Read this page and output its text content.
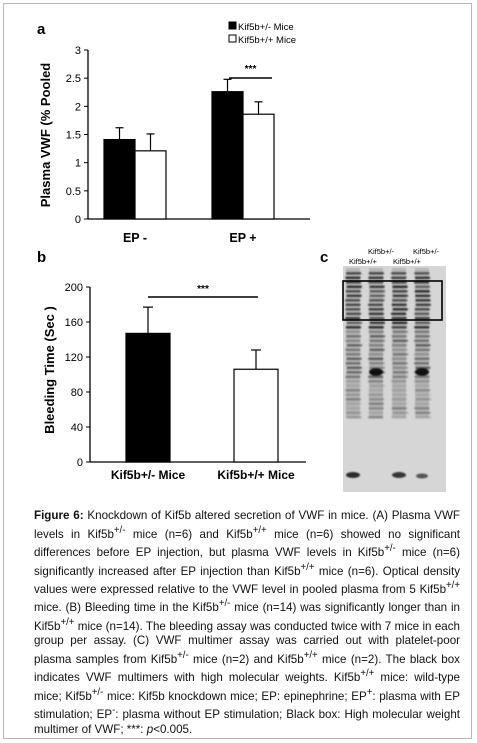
a
b	c
0
0.5
1
1.5
2
2.5
3
Plasma VWF (% Pooled
EP -	EP +
***
Kif5b+/- Mice
Kif5b+/+ Mice
0
40
80
120
160
200
Bleeding Time (Sec )
Kif5b+/- Mice	Kif5b+/+ Mice
***
Kif5b+/-	Kif5b+/-
Kif5b+/+ Kif5b+/+
Figure 6: Knockdown of Kif5b altered secretion of VWF in mice. (A) Plasma VWF levels in Kif5b+/- mice (n=6) and Kif5b+/+ mice (n=6) showed no significant differences before EP injection, but plasma VWF levels in Kif5b+/- mice (n=6) significantly increased after EP injection than Kif5b+/+ mice (n=6). Optical density values were expressed relative to the VWF level in pooled plasma from 5 Kif5b+/+ mice. (B) Bleeding time in the Kif5b+/- mice (n=14) was significantly longer than in Kif5b+/+ mice (n=14). The bleeding assay was conducted twice with 7 mice in each group per assay. (C) VWF multimer assay was carried out with platelet-poor plasma samples from Kif5b+/- mice (n=2) and Kif5b+/+ mice (n=2). The black box indicates VWF multimers with high molecular weights. Kif5b+/+ mice: wild-type mice; Kif5b+/- mice: Kif5b knockdown mice; EP: epinephrine; EP+: plasma with EP stimulation; EP-: plasma without EP stimulation; Black box: High molecular weight multimer of VWF; ***: p<0.005.
